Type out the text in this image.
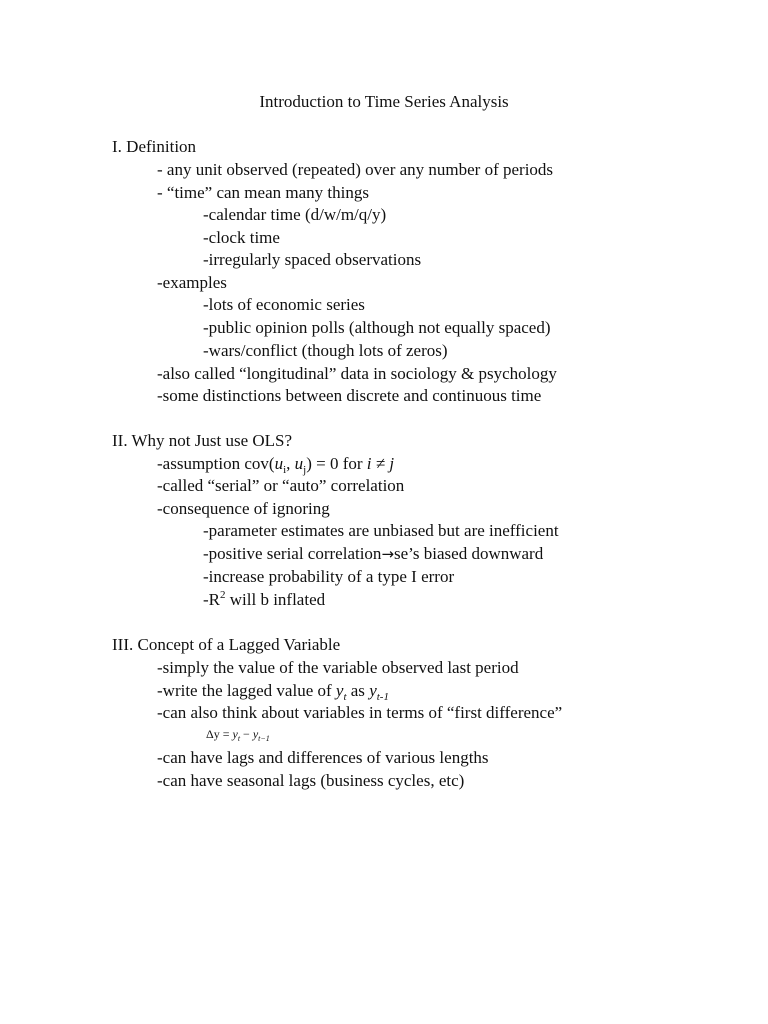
Introduction to Time Series Analysis
I. Definition
- any unit observed (repeated) over any number of periods
- “time” can mean many things
-calendar time (d/w/m/q/y)
-clock time
-irregularly spaced observations
-examples
-lots of economic series
-public opinion polls (although not equally spaced)
-wars/conflict (though lots of zeros)
-also called “longitudinal” data in sociology & psychology
-some distinctions between discrete and continuous time
II. Why not Just use OLS?
-assumption $cov(u_i$, $u_j) = 0$ for i ≠ j
-called “serial” or “auto” correlation
-consequence of ignoring
-parameter estimates are unbiased but are inefficient
-positive serial correlation→se’s biased downward
-increase probability of a type I error
$-R^2$ will b inflated
III. Concept of a Lagged Variable
-simply the value of the variable observed last period
-write the lagged value of $y_t$ as $y_{t-1}$
-can also think about variables in terms of “first difference”
$\Delta y = y_t - y_{t-1}$
-can have lags and differences of various lengths
-can have seasonal lags (business cycles, etc)
